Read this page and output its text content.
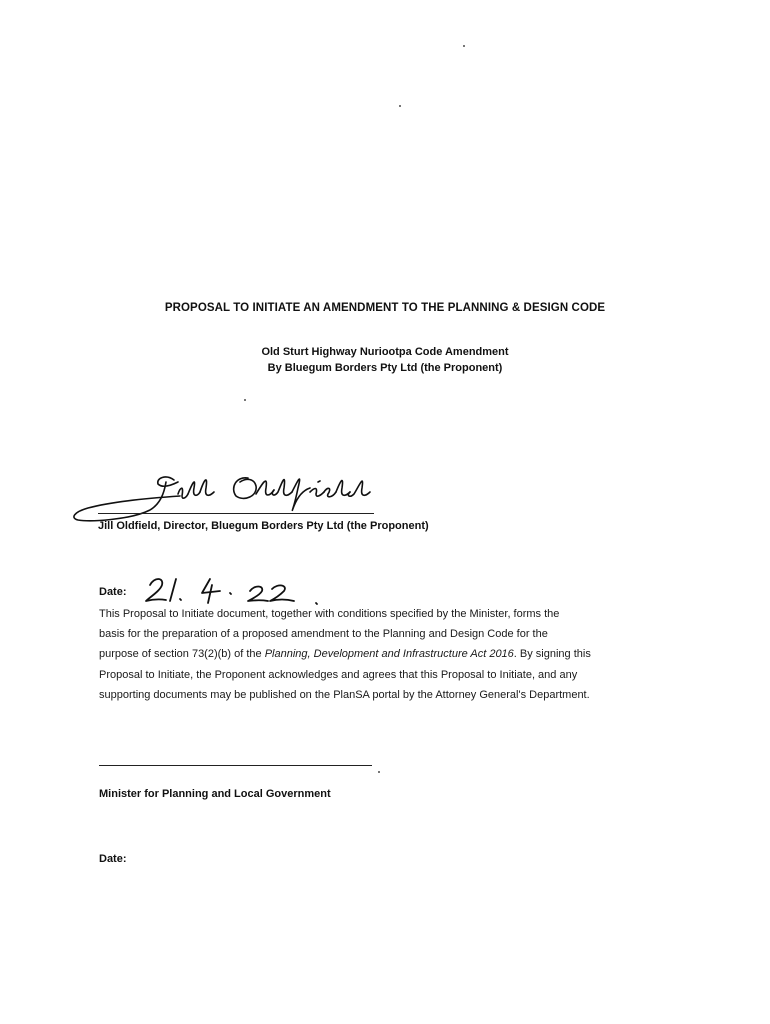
PROPOSAL TO INITIATE AN AMENDMENT TO THE PLANNING & DESIGN CODE
Old Sturt Highway Nuriootpa Code Amendment
By Bluegum Borders Pty Ltd (the Proponent)
Jill Oldfield, Director, Bluegum Borders Pty Ltd (the Proponent)
Date:
This Proposal to Initiate document, together with conditions specified by the Minister, forms the
basis for the preparation of a proposed amendment to the Planning and Design Code for the
purpose of section 73(2)(b) of the Planning, Development and Infrastructure Act 2016. By signing this
Proposal to Initiate, the Proponent acknowledges and agrees that this Proposal to Initiate, and any
supporting documents may be published on the PlanSA portal by the Attorney General's Department.
Minister for Planning and Local Government
Date:
